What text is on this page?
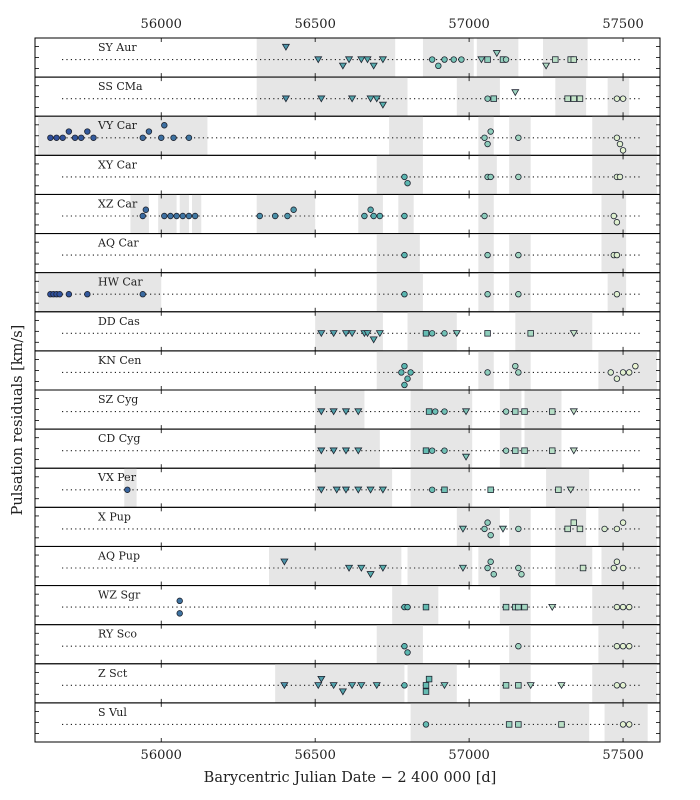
SY Aur
SS CMa
VY Car
XY Car
XZ Car
AQ Car
HW Car
DD Cas
KN Cen
SZ Cyg
CD Cyg
VX Per
X Pup
AQ Pup
WZ Sgr
RY Sco
Z Sct
S Vul
56000	56500	57000	57500
56000	56500	57000	57500
Barycentric Julian Date − 2 400 000 [d]
Pulsation residuals [km/s]
